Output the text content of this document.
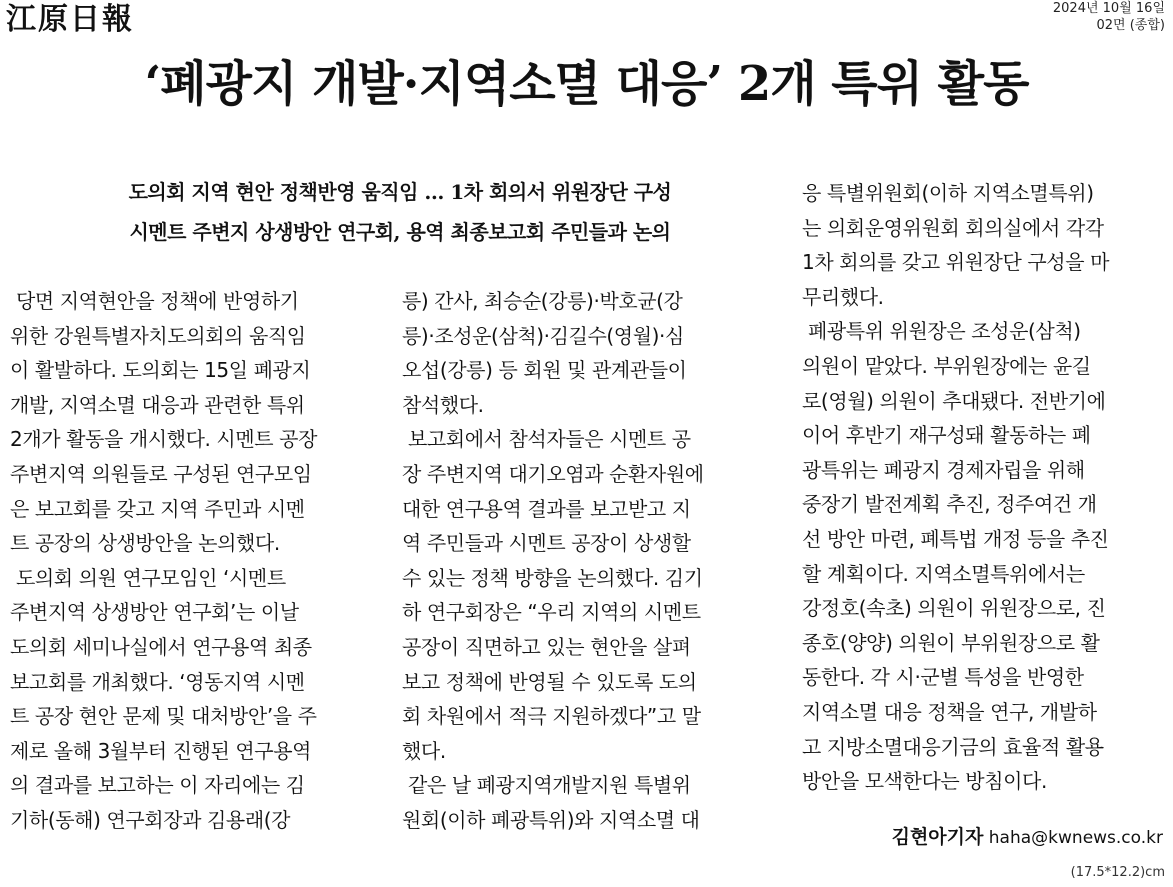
江原日報	2024년 10월 16일
02면 (종합)
‘폐광지 개발·지역소멸 대응’ 2개 특위 활동
도의회 지역 현안 정책반영 움직임 … 1차 회의서 위원장단 구성
시멘트 주변지 상생방안 연구회, 용역 최종보고회 주민들과 논의

당면 지역현안을 정책에 반영하기

위한 강원특별자치도의회의 움직임

이 활발하다. 도의회는 15일 폐광지

개발, 지역소멸 대응과 관련한 특위

2개가 활동을 개시했다. 시멘트 공장

주변지역 의원들로 구성된 연구모임

은 보고회를 갖고 지역 주민과 시멘

트 공장의 상생방안을 논의했다.

도의회 의원 연구모임인 ‘시멘트

주변지역 상생방안 연구회’는 이날

도의회 세미나실에서 연구용역 최종

보고회를 개최했다. ‘영동지역 시멘

트 공장 현안 문제 및 대처방안’을 주

제로 올해 3월부터 진행된 연구용역

의 결과를 보고하는 이 자리에는 김

기하(동해) 연구회장과 김용래(강

릉) 간사, 최승순(강릉)·박호균(강

릉)·조성운(삼척)·김길수(영월)·심

오섭(강릉) 등 회원 및 관계관들이

참석했다.

보고회에서 참석자들은 시멘트 공

장 주변지역 대기오염과 순환자원에

대한 연구용역 결과를 보고받고 지

역 주민들과 시멘트 공장이 상생할

수 있는 정책 방향을 논의했다. 김기

하 연구회장은 “우리 지역의 시멘트

공장이 직면하고 있는 현안을 살펴

보고 정책에 반영될 수 있도록 도의

회 차원에서 적극 지원하겠다”고 말

했다.

같은 날 폐광지역개발지원 특별위

원회(이하 폐광특위)와 지역소멸 대

응 특별위원회(이하 지역소멸특위)

는 의회운영위원회 회의실에서 각각

1차 회의를 갖고 위원장단 구성을 마

무리했다.

폐광특위 위원장은 조성운(삼척)

의원이 맡았다. 부위원장에는 윤길

로(영월) 의원이 추대됐다. 전반기에

이어 후반기 재구성돼 활동하는 폐

광특위는 폐광지 경제자립을 위해

중장기 발전계획 추진, 정주여건 개

선 방안 마련, 폐특법 개정 등을 추진

할 계획이다. 지역소멸특위에서는

강정호(속초) 의원이 위원장으로, 진

종호(양양) 의원이 부위원장으로 활

동한다. 각 시·군별 특성을 반영한

지역소멸 대응 정책을 연구, 개발하

고 지방소멸대응기금의 효율적 활용

방안을 모색한다는 방침이다.

김현아기자 haha@kwnews.co.kr
(17.5*12.2)cm
